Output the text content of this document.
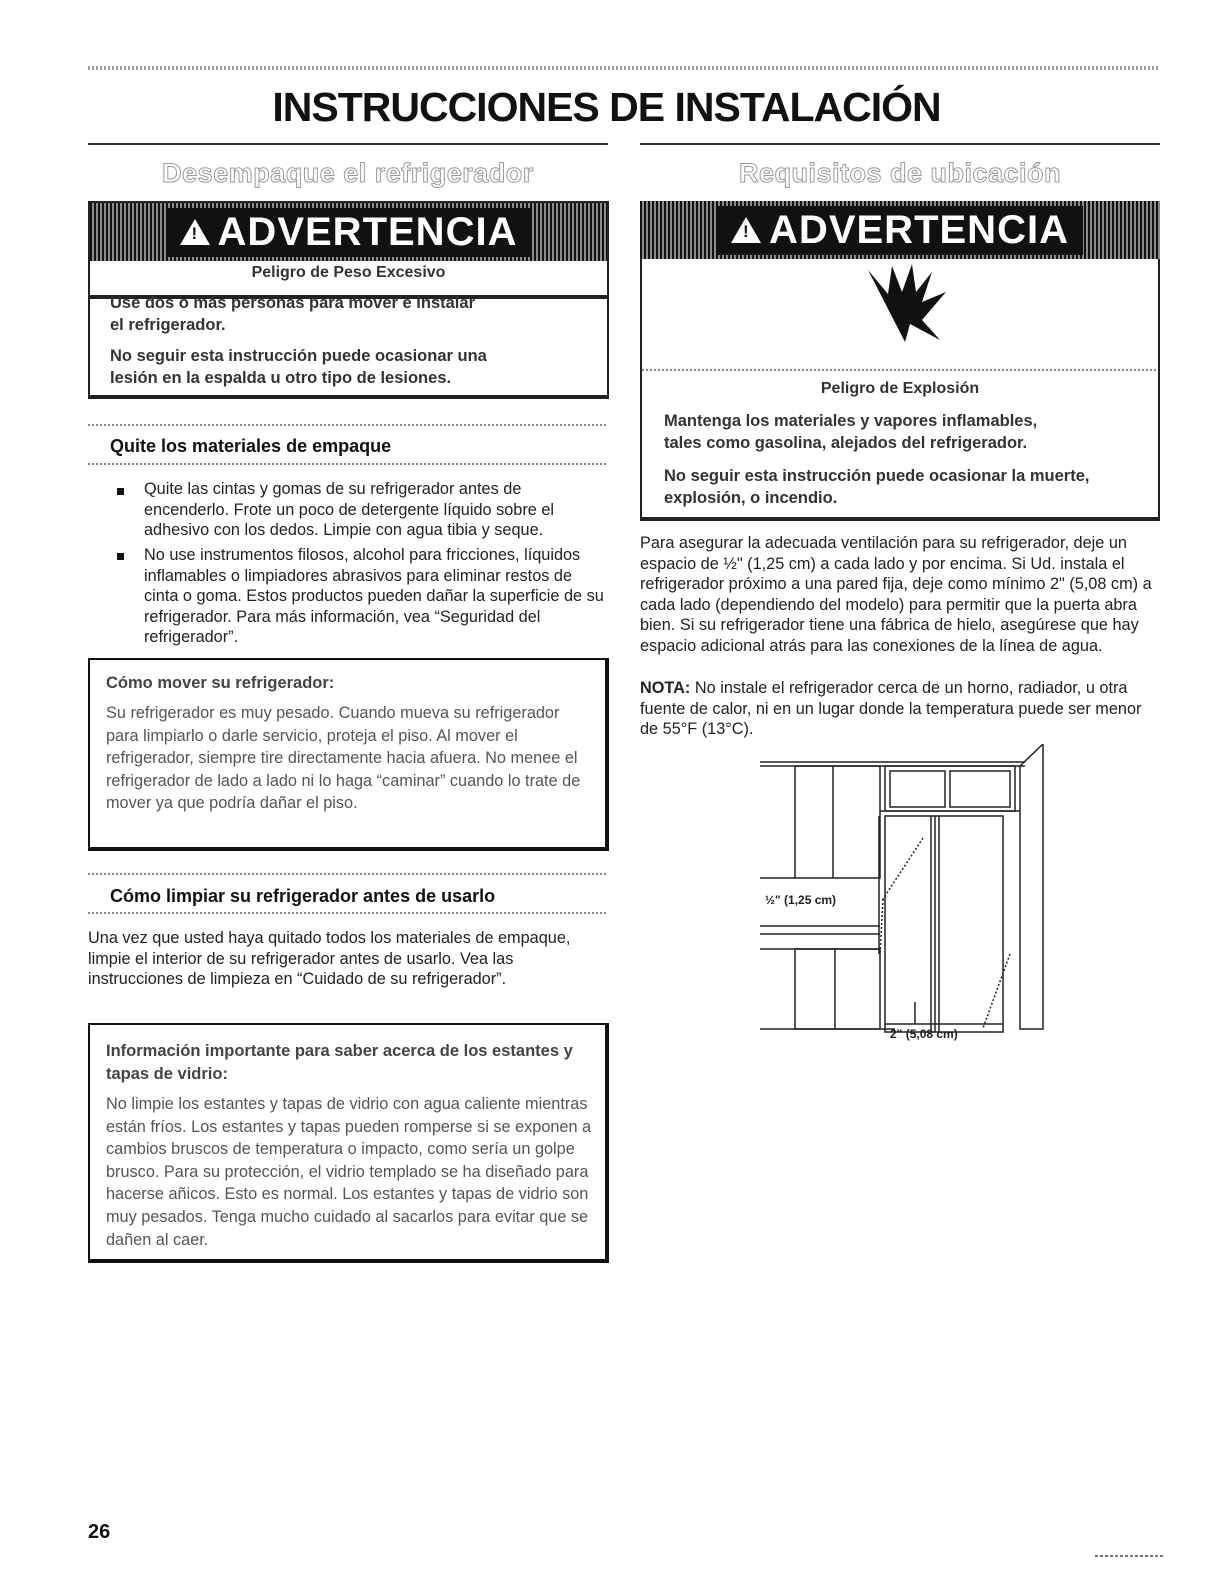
INSTRUCCIONES DE INSTALACIÓN
Desempaque el refrigerador
! ADVERTENCIA
Peligro de Peso Excesivo
Use dos o más personas para mover e instalar
el refrigerador.
No seguir esta instrucción puede ocasionar una
lesión en la espalda u otro tipo de lesiones.
Quite los materiales de empaque
Quite las cintas y gomas de su refrigerador antes de encenderlo. Frote un poco de detergente líquido sobre el adhesivo con los dedos. Limpie con agua tibia y seque.
No use instrumentos filosos, alcohol para fricciones, líquidos inflamables o limpiadores abrasivos para eliminar restos de cinta o goma. Estos productos pueden dañar la superficie de su refrigerador. Para más información, vea “Seguridad del refrigerador”.
Cómo mover su refrigerador:
Su refrigerador es muy pesado. Cuando mueva su refrigerador para limpiarlo o darle servicio, proteja el piso. Al mover el refrigerador, siempre tire directamente hacia afuera. No menee el refrigerador de lado a lado ni lo haga “caminar” cuando lo trate de mover ya que podría dañar el piso.
Cómo limpiar su refrigerador antes de usarlo
Una vez que usted haya quitado todos los materiales de empaque, limpie el interior de su refrigerador antes de usarlo. Vea las instrucciones de limpieza en “Cuidado de su refrigerador”.
Información importante para saber acerca de los estantes y tapas de vidrio:
No limpie los estantes y tapas de vidrio con agua caliente mientras están fríos. Los estantes y tapas pueden romperse si se exponen a cambios bruscos de temperatura o impacto, como sería un golpe brusco. Para su protección, el vidrio templado se ha diseñado para hacerse añicos. Esto es normal. Los estantes y tapas de vidrio son muy pesados. Tenga mucho cuidado al sacarlos para evitar que se dañen al caer.
Requisitos de ubicación
! ADVERTENCIA
Peligro de Explosión
Mantenga los materiales y vapores inflamables,
tales como gasolina, alejados del refrigerador.
No seguir esta instrucción puede ocasionar la muerte,
explosión, o incendio.
Para asegurar la adecuada ventilación para su refrigerador, deje un espacio de ½" (1,25 cm) a cada lado y por encima. Si Ud. instala el refrigerador próximo a una pared fija, deje como mínimo 2" (5,08 cm) a cada lado (dependiendo del modelo) para permitir que la puerta abra bien. Si su refrigerador tiene una fábrica de hielo, asegúrese que hay espacio adicional atrás para las conexiones de la línea de agua.
NOTA: No instale el refrigerador cerca de un horno, radiador, u otra fuente de calor, ni en un lugar donde la temperatura puede ser menor de 55°F (13°C).
½" (1,25 cm)
2" (5,08 cm)
26
